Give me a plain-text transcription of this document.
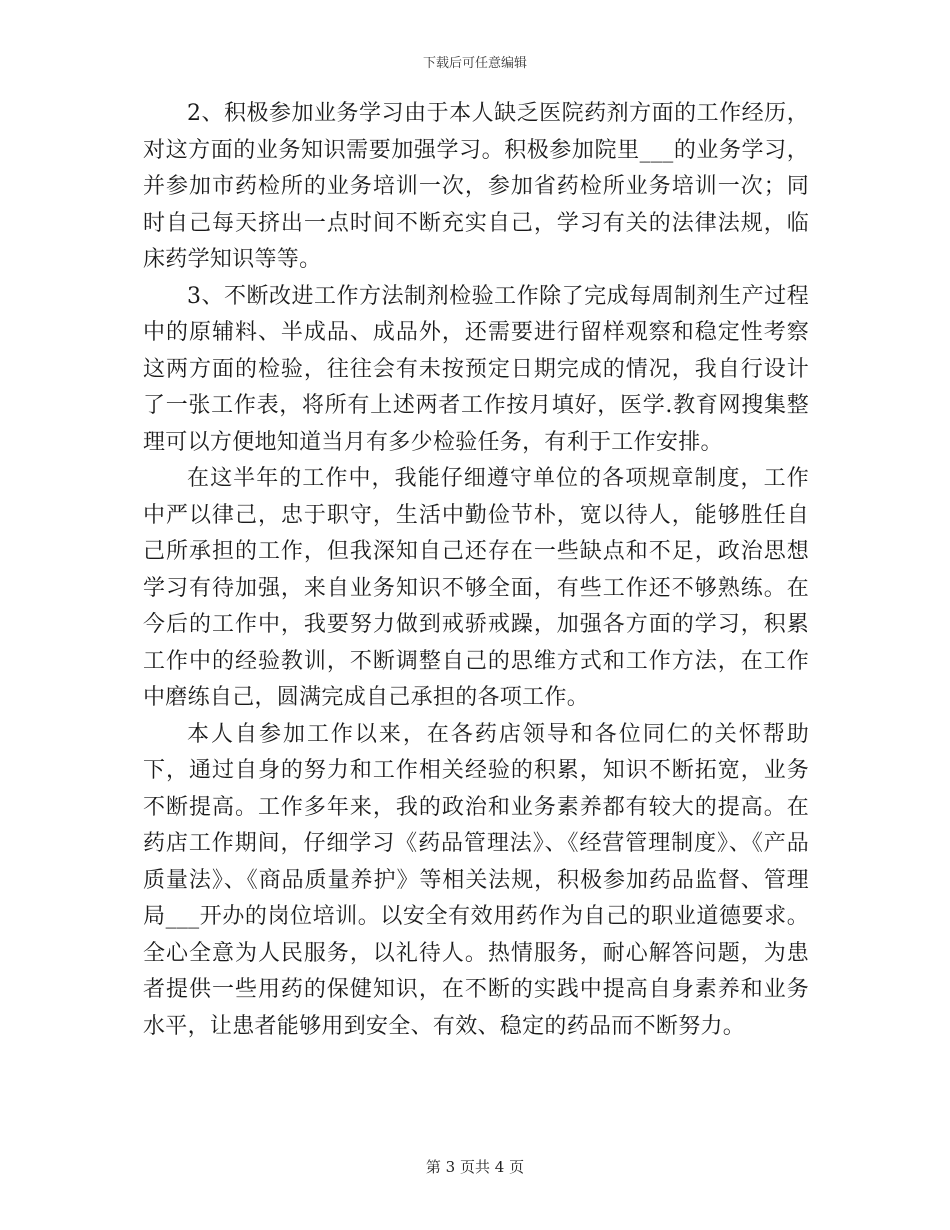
下载后可任意编辑

2、积极参加业务学习由于本人缺乏医院药剂方面的工作经历，对这方面的业务知识需要加强学习。积极参加院里___的业务学习，并参加市药检所的业务培训一次，参加省药检所业务培训一次；同时自己每天挤出一点时间不断充实自己，学习有关的法律法规，临床药学知识等等。

3、不断改进工作方法制剂检验工作除了完成每周制剂生产过程中的原辅料、半成品、成品外，还需要进行留样观察和稳定性考察这两方面的检验，往往会有未按预定日期完成的情况，我自行设计了一张工作表，将所有上述两者工作按月填好，医学.教育网搜集整理可以方便地知道当月有多少检验任务，有利于工作安排。

在这半年的工作中，我能仔细遵守单位的各项规章制度，工作中严以律己，忠于职守，生活中勤俭节朴，宽以待人，能够胜任自己所承担的工作，但我深知自己还存在一些缺点和不足，政治思想学习有待加强，来自业务知识不够全面，有些工作还不够熟练。在今后的工作中，我要努力做到戒骄戒躁，加强各方面的学习，积累工作中的经验教训，不断调整自己的思维方式和工作方法，在工作中磨练自己，圆满完成自己承担的各项工作。

本人自参加工作以来，在各药店领导和各位同仁的关怀帮助下，通过自身的努力和工作相关经验的积累，知识不断拓宽，业务不断提高。工作多年来，我的政治和业务素养都有较大的提高。在药店工作期间，仔细学习《药品管理法》、《经营管理制度》、《产品质量法》、《商品质量养护》等相关法规，积极参加药品监督、管理局___开办的岗位培训。以安全有效用药作为自己的职业道德要求。全心全意为人民服务，以礼待人。热情服务，耐心解答问题，为患者提供一些用药的保健知识，在不断的实践中提高自身素养和业务水平，让患者能够用到安全、有效、稳定的药品而不断努力。

第 3 页共 4 页
